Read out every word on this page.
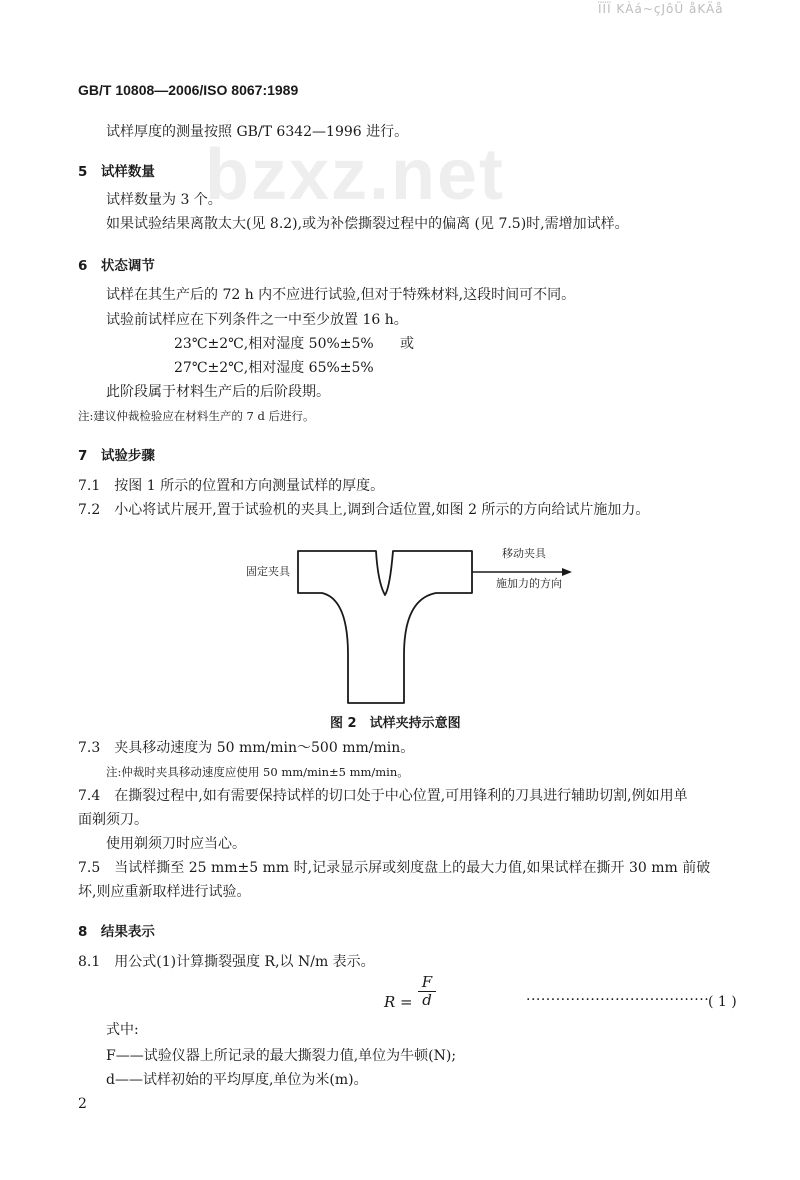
ÏÏÏ ΚÀá~çJôÜ åKÄå
GB/T 10808—2006/ISO 8067:1989
bzxz.net
试样厚度的测量按照 GB/T 6342—1996 进行。
5　试样数量
试样数量为 3 个。
如果试验结果离散太大(见 8.2),或为补偿撕裂过程中的偏离 (见 7.5)时,需增加试样。
6　状态调节
试样在其生产后的 72 h 内不应进行试验,但对于特殊材料,这段时间可不同。
试验前试样应在下列条件之一中至少放置 16 h。
23℃±2℃,相对湿度 50%±5% 或
27℃±2℃,相对湿度 65%±5%
此阶段属于材料生产后的后阶段期。
注:建议仲裁检验应在材料生产的 7 d 后进行。
7　试验步骤
7.1　按图 1 所示的位置和方向测量试样的厚度。
7.2　小心将试片展开,置于试验机的夹具上,调到合适位置,如图 2 所示的方向给试片施加力。
固定夹具
移动夹具
施加力的方向
图 2　试样夹持示意图
7.3　夹具移动速度为 50 mm/min～500 mm/min。
注:仲裁时夹具移动速度应使用 50 mm/min±5 mm/min。
7.4　在撕裂过程中,如有需要保持试样的切口处于中心位置,可用锋利的刀具进行辅助切割,例如用单
面剃须刀。
使用剃须刀时应当心。
7.5　当试样撕至 25 mm±5 mm 时,记录显示屏或刻度盘上的最大力值,如果试样在撕开 30 mm 前破
坏,则应重新取样进行试验。
8　结果表示
8.1　用公式(1)计算撕裂强度 R,以 N/m 表示。
R =
F
d	·····································
( 1 )
式中:
F——试验仪器上所记录的最大撕裂力值,单位为牛顿(N);
d——试样初始的平均厚度,单位为米(m)。
2
